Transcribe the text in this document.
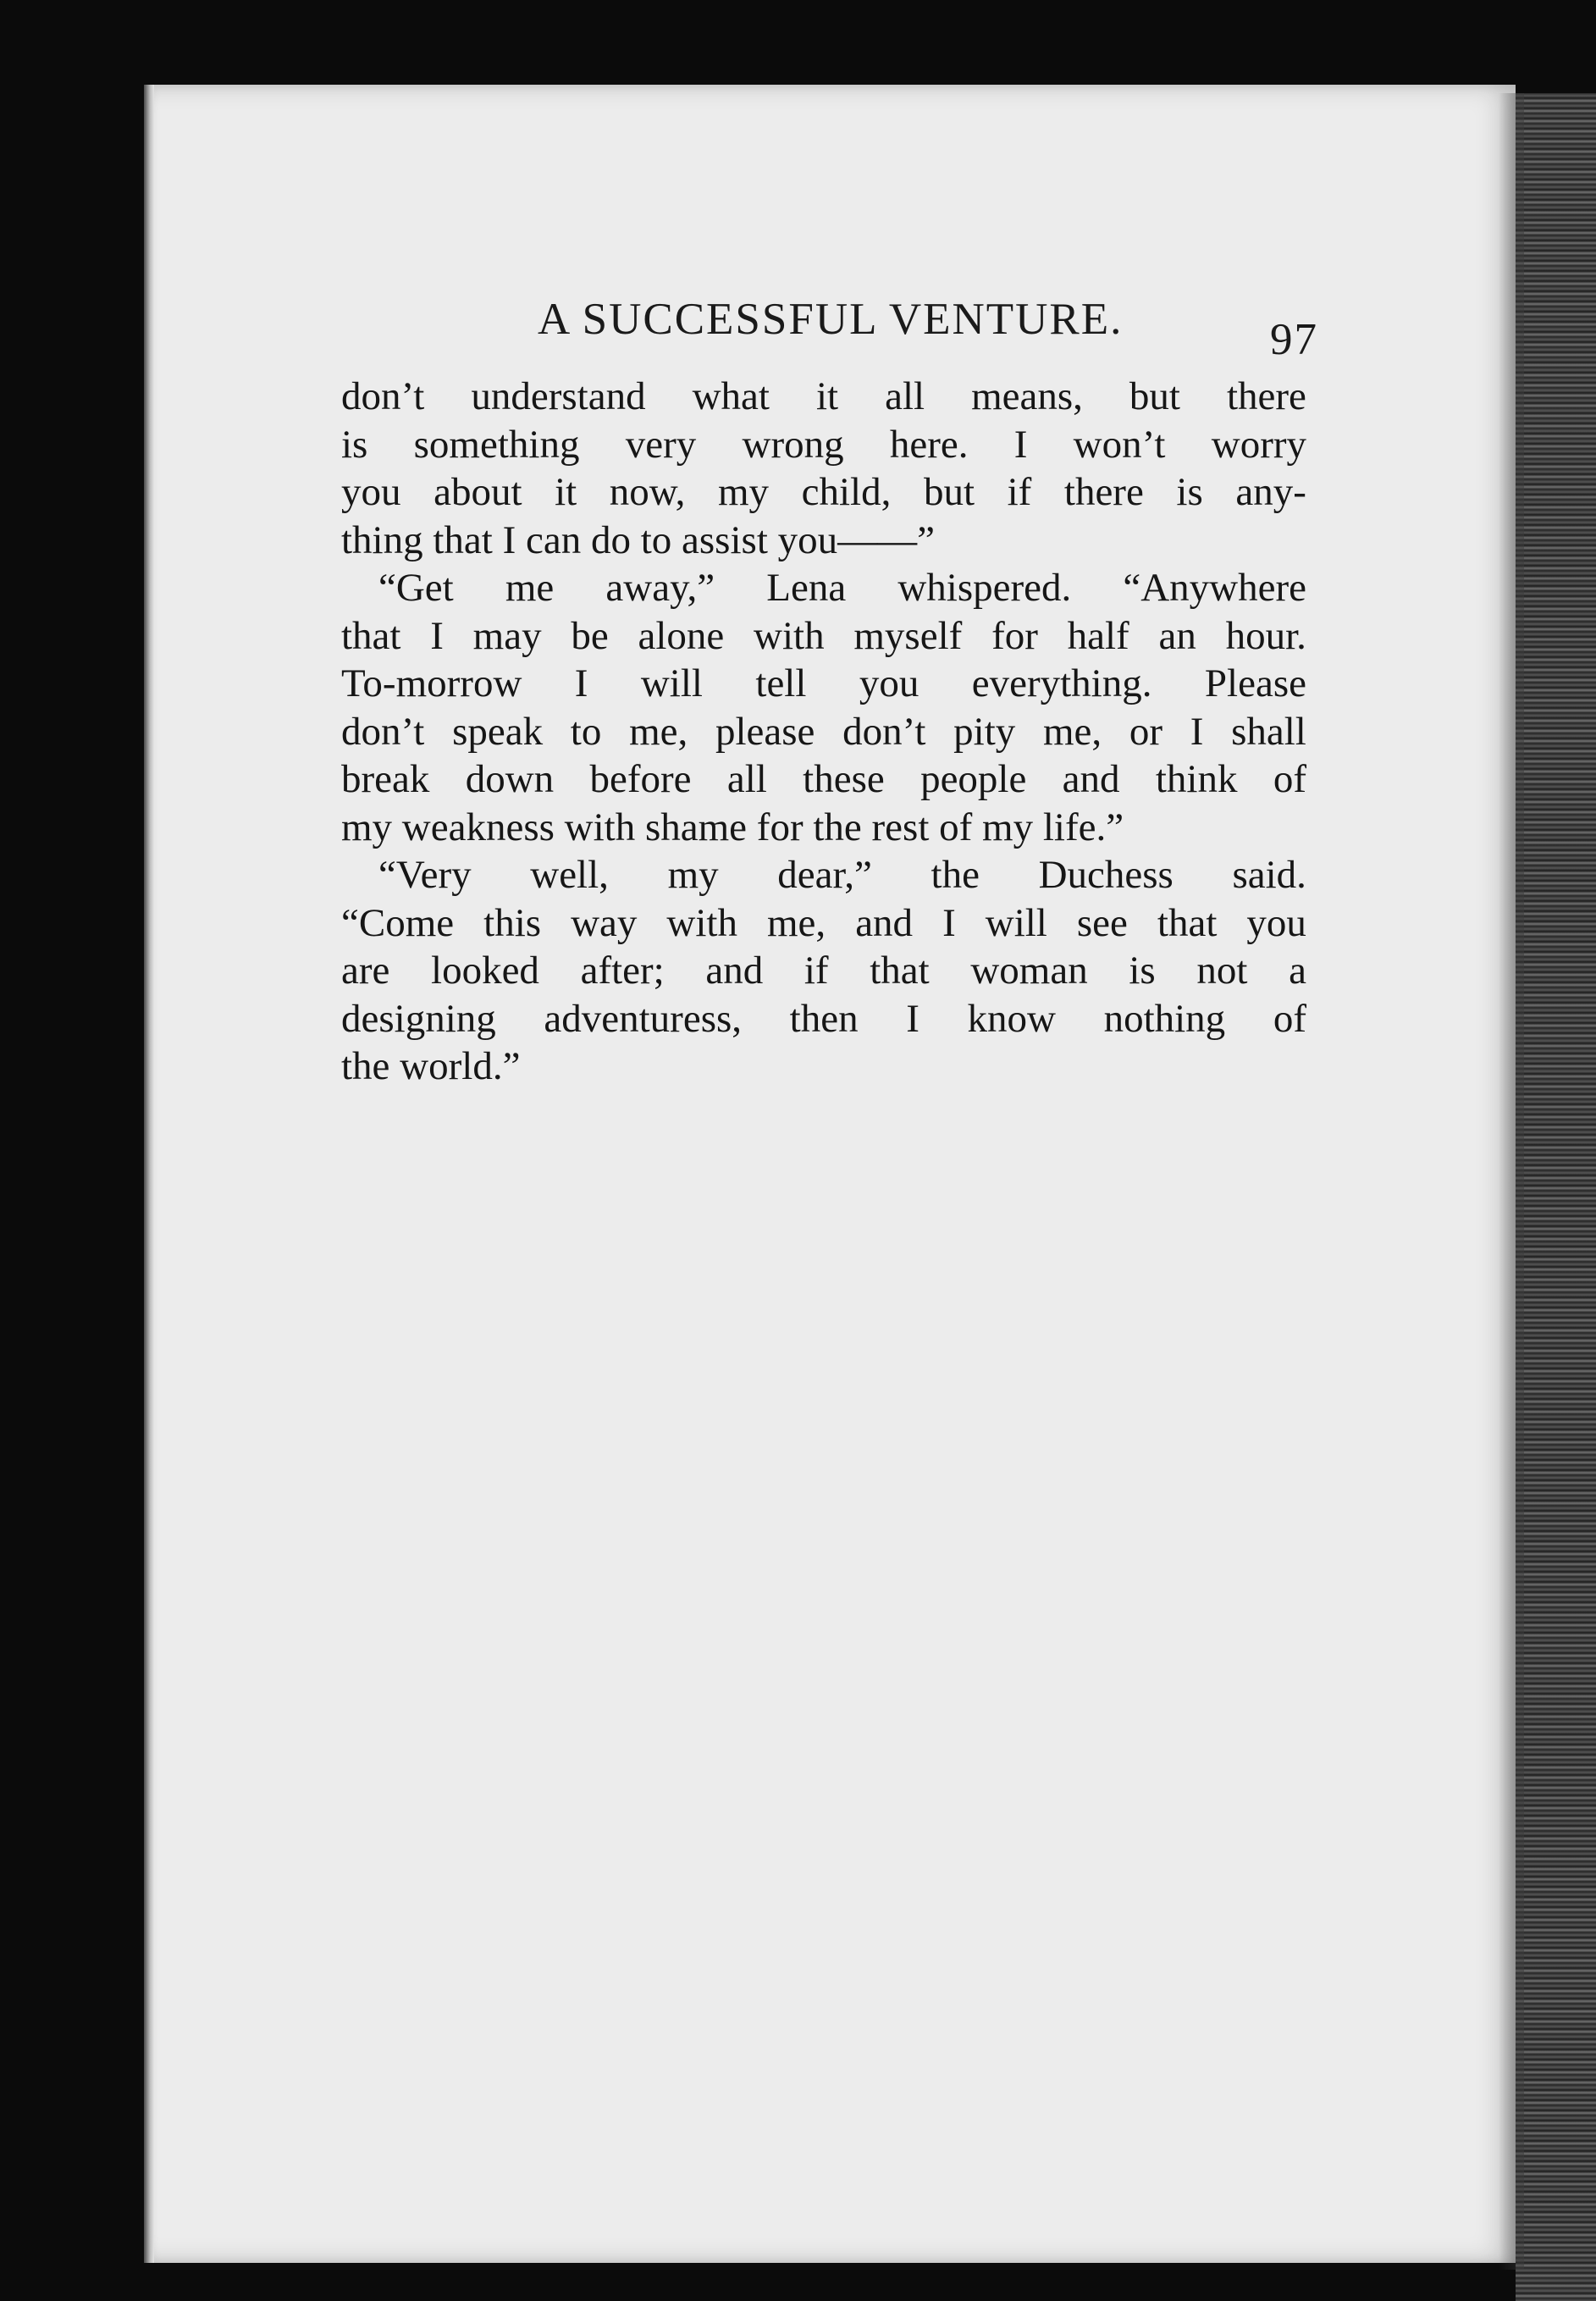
A SUCCESSFUL VENTURE.	97
don’t understand what it all means, but there
is something very wrong here. I won’t worry
you about it now, my child, but if there is any-
thing that I can do to assist you——”
“Get me away,” Lena whispered. “Anywhere
that I may be alone with myself for half an hour.
To-morrow I will tell you everything. Please
don’t speak to me, please don’t pity me, or I shall
break down before all these people and think of
my weakness with shame for the rest of my life.”
“Very well, my dear,” the Duchess said.
“Come this way with me, and I will see that you
are looked after; and if that woman is not a
designing adventuress, then I know nothing of
the world.”
